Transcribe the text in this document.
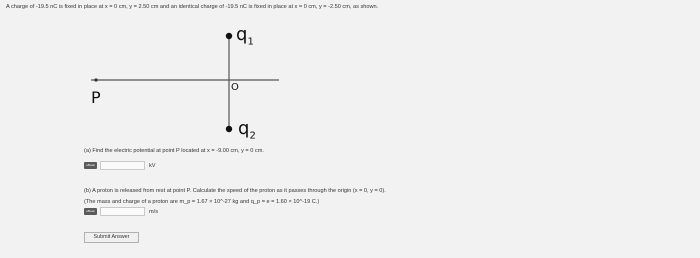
A charge of -19.5 nC is fixed in place at x = 0 cm, y = 2.50 cm and an identical charge of -19.5 nC is fixed in place at x = 0 cm, y = -2.50 cm, as shown.
$q_1$
$q_2$
P
O
(a) Find the electric potential at point P located at x = -9.00 cm, y = 0 cm.
eBook	kV
(b) A proton is released from rest at point P. Calculate the speed of the proton as it passes through the origin (x = 0, y = 0).
(The mass and charge of a proton are m_p = 1.67 × 10^-27 kg and q_p = e = 1.60 × 10^-19 C.)
eBook	m/s
Submit Answer
